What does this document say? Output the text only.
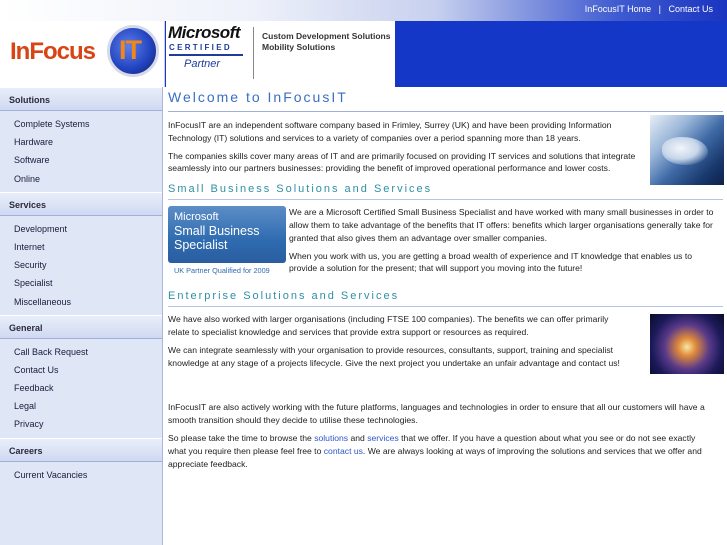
InFocusIT Home | Contact Us
InFocus IT
Microsoft
CERTIFIED
Partner
Custom Development Solutions
Mobility Solutions
Solutions
Complete Systems
Hardware
Software
Online
Services
Development
Internet
Security
Specialist
Miscellaneous
General
Call Back Request
Contact Us
Feedback
Legal
Privacy
Careers
Current Vacancies
Welcome to InFocusIT

InFocusIT are an independent software company based in Frimley, Surrey (UK) and have been providing Information Technology (IT) solutions and services to a variety of companies over a period spanning more than 18 years.

The companies skills cover many areas of IT and are primarily focused on providing IT services and solutions that integrate seamlessly into our partners businesses: providing the benefit of improved operational performance and lower costs.

Small Business Solutions and Services
Microsoft
Small Business
Specialist
UK Partner Qualified for 2009

We are a Microsoft Certified Small Business Specialist and have worked with many small businesses in order to allow them to take advantage of the benefits that IT offers: benefits which larger organisations generally take for granted that also gives them an advantage over smaller companies.

When you work with us, you are getting a broad wealth of experience and IT knowledge that enables us to provide a solution for the present; that will support you moving into the future!

Enterprise Solutions and Services

We have also worked with larger organisations (including FTSE 100 companies). The benefits we can offer primarily relate to specialist knowledge and services that provide extra support or resources as required.

We can integrate seamlessly with your organisation to provide resources, consultants, support, training and specialist knowledge at any stage of a projects lifecycle. Give the next project you undertake an unfair advantage and contact us!

InFocusIT are also actively working with the future platforms, languages and technologies in order to ensure that all our customers will have a smooth transition should they decide to utilise these technologies.

So please take the time to browse the solutions and services that we offer. If you have a question about what you see or do not see exactly what you require then please feel free to contact us. We are always looking at ways of improving the solutions and services that we offer and appreciate feedback.
